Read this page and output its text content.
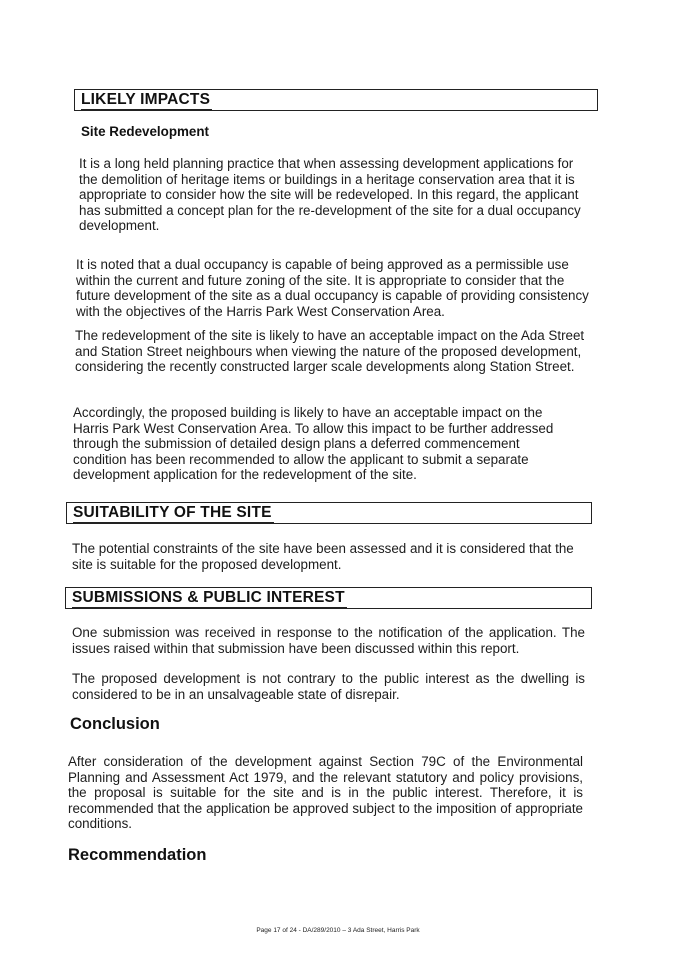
LIKELY IMPACTS
Site Redevelopment
It is a long held planning practice that when assessing development applications for the demolition of heritage items or buildings in a heritage conservation area that it is appropriate to consider how the site will be redeveloped. In this regard, the applicant has submitted a concept plan for the re-development of the site for a dual occupancy development.
It is noted that a dual occupancy is capable of being approved as a permissible use within the current and future zoning of the site. It is appropriate to consider that the future development of the site as a dual occupancy is capable of providing consistency with the objectives of the Harris Park West Conservation Area.
The redevelopment of the site is likely to have an acceptable impact on the Ada Street and Station Street neighbours when viewing the nature of the proposed development, considering the recently constructed larger scale developments along Station Street.
Accordingly, the proposed building is likely to have an acceptable impact on the Harris Park West Conservation Area. To allow this impact to be further addressed through the submission of detailed design plans a deferred commencement condition has been recommended to allow the applicant to submit a separate development application for the redevelopment of the site.
SUITABILITY OF THE SITE
The potential constraints of the site have been assessed and it is considered that the site is suitable for the proposed development.
SUBMISSIONS & PUBLIC INTEREST
One submission was received in response to the notification of the application. The issues raised within that submission have been discussed within this report.
The proposed development is not contrary to the public interest as the dwelling is considered to be in an unsalvageable state of disrepair.
Conclusion
After consideration of the development against Section 79C of the Environmental Planning and Assessment Act 1979, and the relevant statutory and policy provisions, the proposal is suitable for the site and is in the public interest. Therefore, it is recommended that the application be approved subject to the imposition of appropriate conditions.
Recommendation
Page 17 of 24 - DA/289/2010 – 3 Ada Street, Harris Park
